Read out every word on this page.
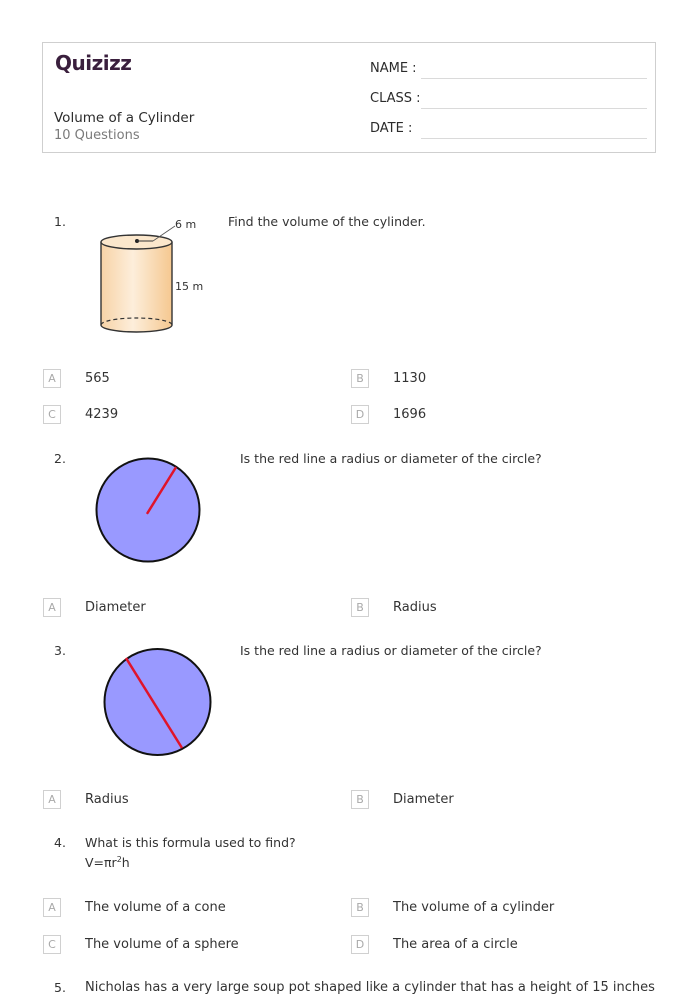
Quizizz
Volume of a Cylinder
10 Questions
NAME :
CLASS :
DATE :
1.	6 m
15 m
Find the volume of the cylinder.
A	565	B	1130
C	4239	D	1696
2.	Is the red line a radius or diameter of the circle?
A	Diameter	B	Radius
3.	Is the red line a radius or diameter of the circle?
A	Radius	B	Diameter
4. What is this formula used to find?
$V=\pi r^2h$
A	The volume of a cone	B	The volume of a cylinder
C	The volume of a sphere	D	The area of a circle
5. Nicholas has a very large soup pot shaped like a cylinder that has a height of 15 inches
